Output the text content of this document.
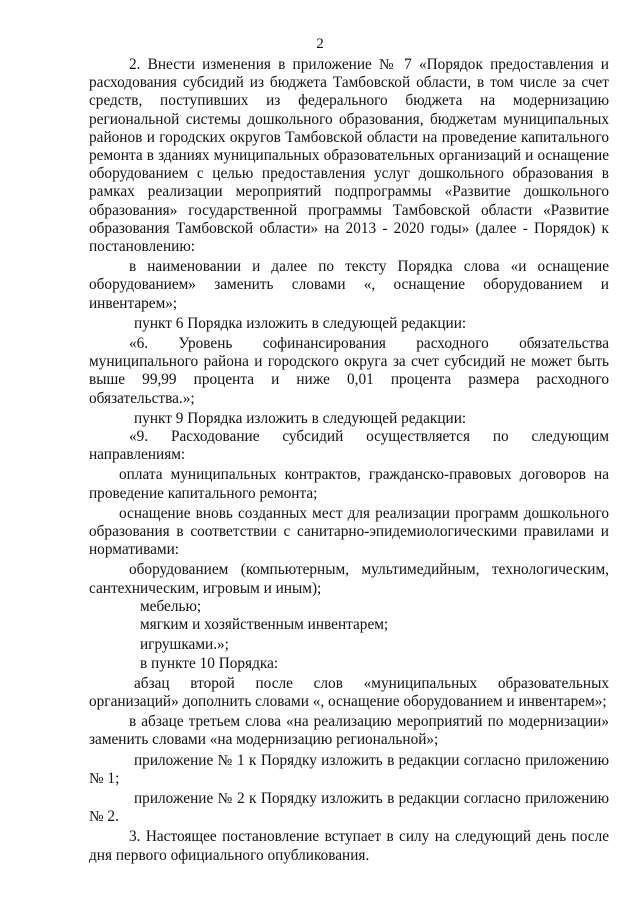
2

2. Внести изменения в приложение № 7 «Порядок предоставления и расходования субсидий из бюджета Тамбовской области, в том числе за счет средств, поступивших из федерального бюджета на модернизацию региональной системы дошкольного образования, бюджетам муниципальных районов и городских округов Тамбовской области на проведение капитального ремонта в зданиях муниципальных образовательных организаций и оснащение оборудованием с целью предоставления услуг дошкольного образования в рамках реализации мероприятий подпрограммы «Развитие дошкольного образования» государственной программы Тамбовской области «Развитие образования Тамбовской области» на 2013 - 2020 годы» (далее - Порядок) к постановлению:

в наименовании и далее по тексту Порядка слова «и оснащение оборудованием» заменить словами «, оснащение оборудованием и инвентарем»;

пункт 6 Порядка изложить в следующей редакции:

«6. Уровень софинансирования расходного обязательства муниципального района и городского округа за счет субсидий не может быть выше 99,99 процента и ниже 0,01 процента размера расходного обязательства.»;

пункт 9 Порядка изложить в следующей редакции:

«9. Расходование субсидий осуществляется по следующим направлениям:

оплата муниципальных контрактов, гражданско-правовых договоров на проведение капитального ремонта;

оснащение вновь созданных мест для реализации программ дошкольного образования в соответствии с санитарно-эпидемиологическими правилами и нормативами:

оборудованием (компьютерным, мультимедийным, технологическим, сантехническим, игровым и иным);

мебелью;

мягким и хозяйственным инвентарем;

игрушками.»;

в пункте 10 Порядка:

абзац второй после слов «муниципальных образовательных организаций» дополнить словами «, оснащение оборудованием и инвентарем»;

в абзаце третьем слова «на реализацию мероприятий по модернизации» заменить словами «на модернизацию региональной»;

приложение № 1 к Порядку изложить в редакции согласно приложению № 1;

приложение № 2 к Порядку изложить в редакции согласно приложению № 2.

3. Настоящее постановление вступает в силу на следующий день после дня первого официального опубликования.
